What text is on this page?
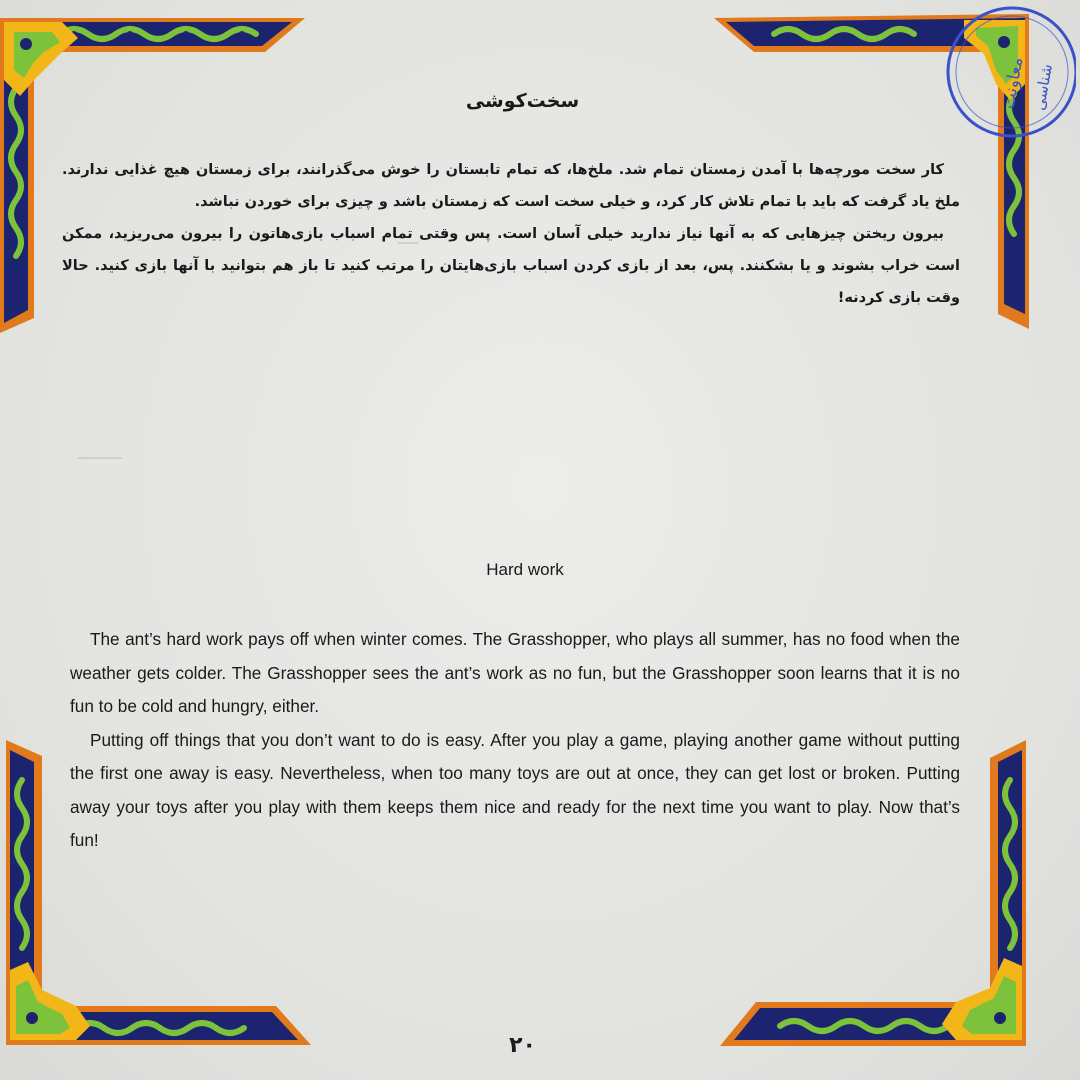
معاونت شناسی
سخت‌کوشی

کار سخت مورچه‌ها با آمدن زمستان تمام شد. ملخ‌ها، که تمام تابستان را خوش می‌گذرانند، برای زمستان هیچ غذایی ندارند. ملخ یاد گرفت که باید با تمام تلاش کار کرد، و خیلی سخت است که زمستان باشد و چیزی برای خوردن نباشد.

بیرون ریختن چیزهایی که به آنها نیاز ندارید خیلی آسان است. پس وقتی تمام اسباب بازی‌هاتون را بیرون می‌ریزید، ممکن است خراب بشوند و یا بشکنند. پس، بعد از بازی کردن اسباب بازی‌هایتان را مرتب کنید تا باز هم بتوانید با آنها بازی کنید. حالا وقت بازی کردنه!

Hard work

The ant’s hard work pays off when winter comes. The Grasshopper, who plays all summer, has no food when the weather gets colder. The Grasshopper sees the ant’s work as no fun, but the Grasshopper soon learns that it is no fun to be cold and hungry, either.

Putting off things that you don’t want to do is easy. After you play a game, playing another game without putting the first one away is easy. Nevertheless, when too many toys are out at once, they can get lost or broken. Putting away your toys after you play with them keeps them nice and ready for the next time you want to play. Now that’s fun!

۲۰
